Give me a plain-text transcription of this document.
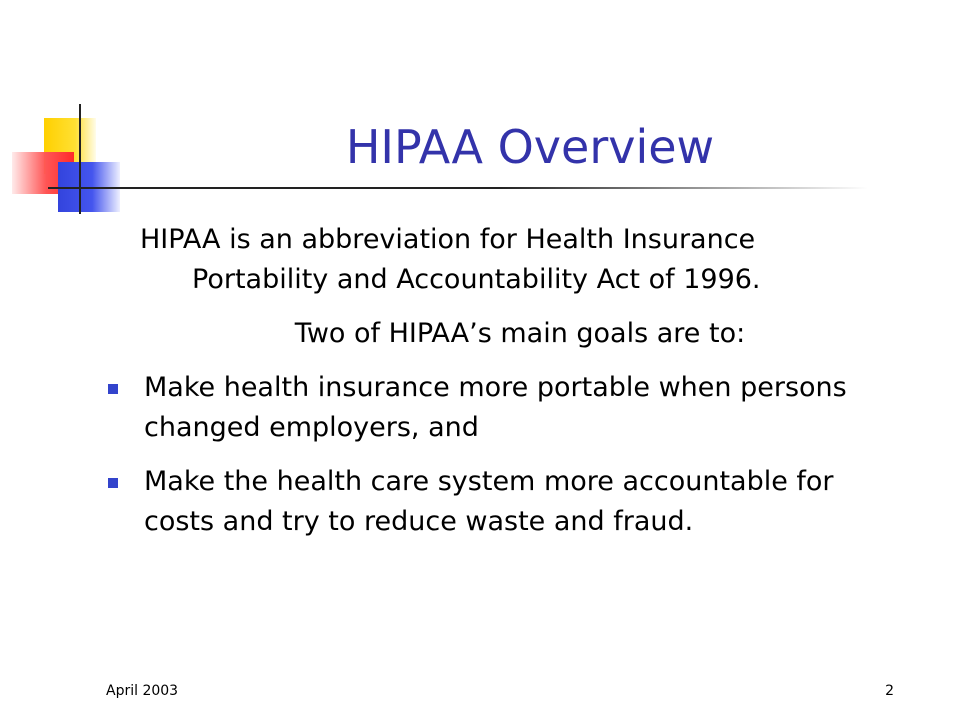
HIPAA Overview
HIPAA is an abbreviation for Health Insurance
Portability and Accountability Act of 1996.
Two of HIPAA’s main goals are to:
Make health insurance more portable when persons changed employers, and
Make the health care system more accountable for costs and try to reduce waste and fraud.
April 2003	2
